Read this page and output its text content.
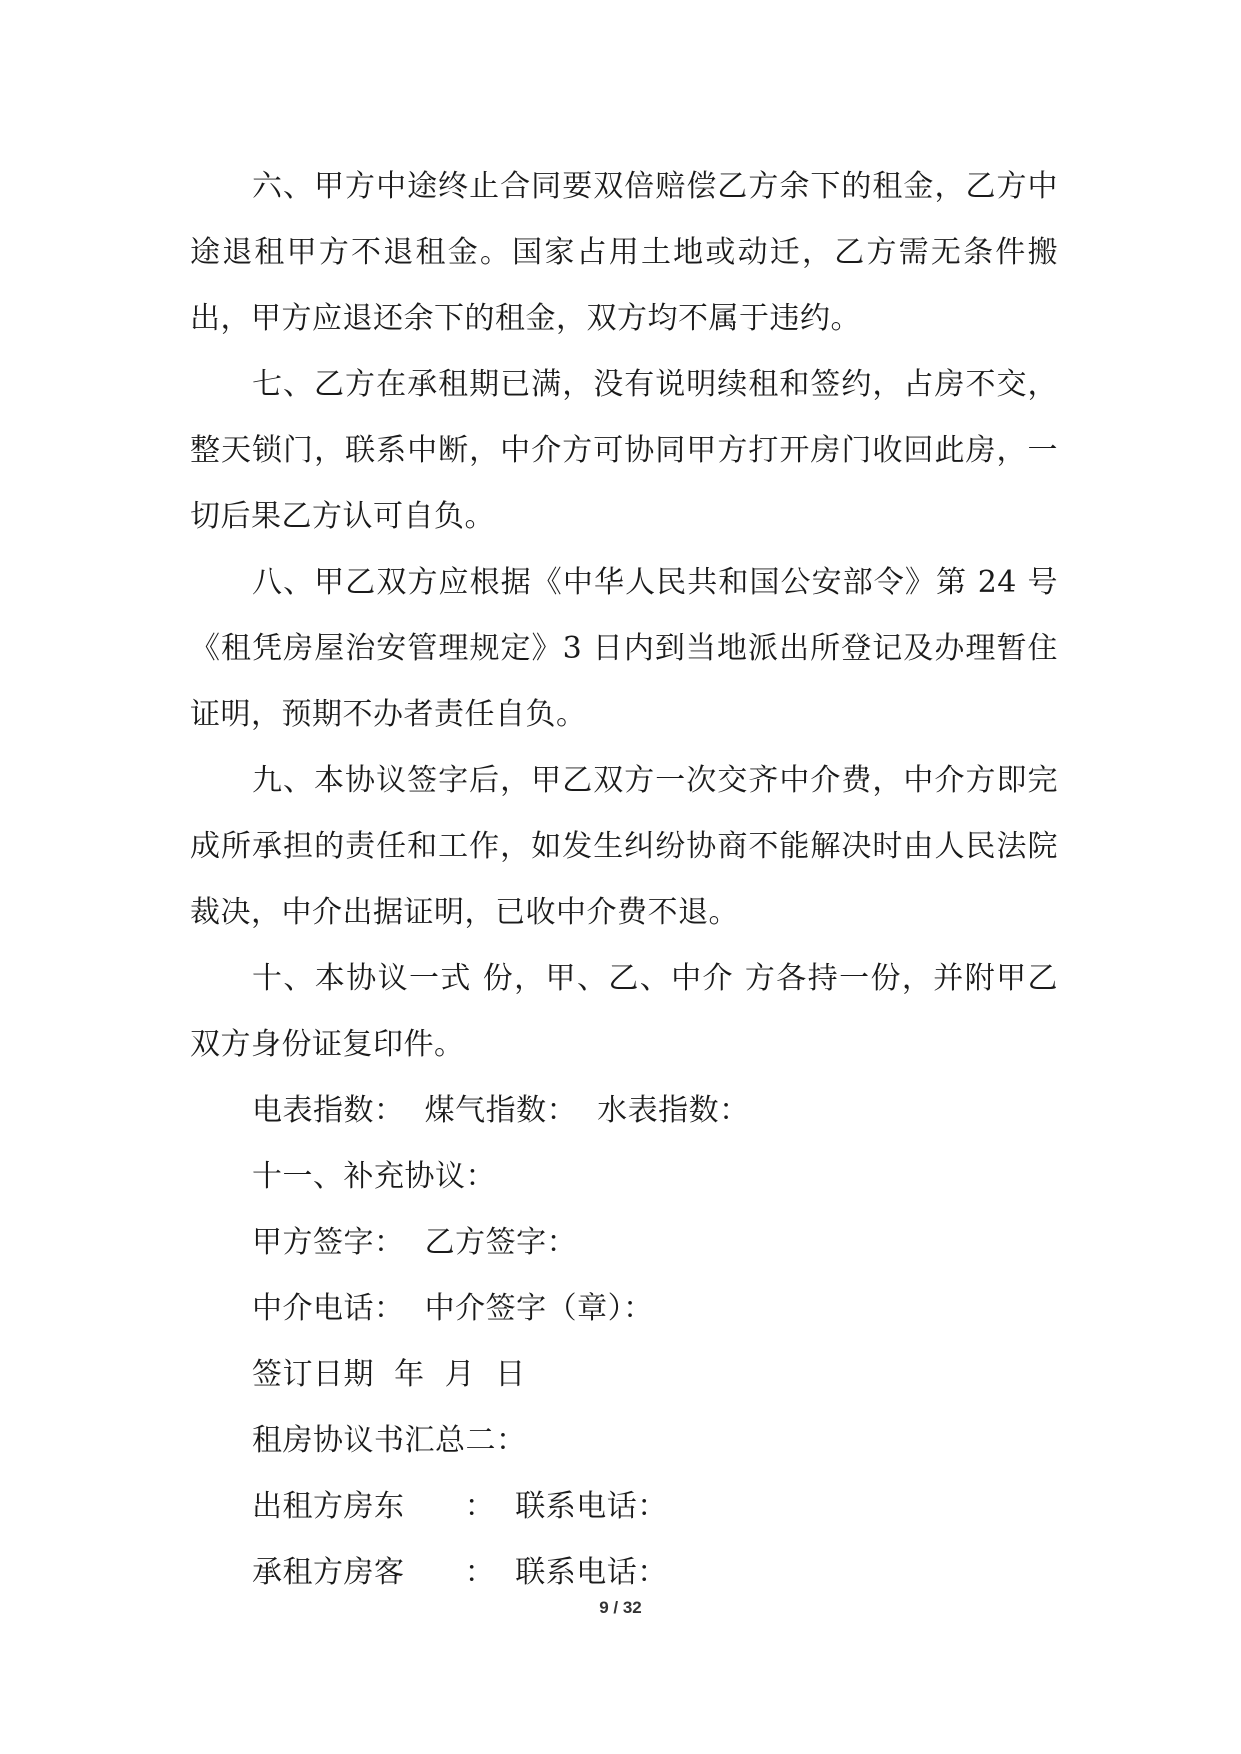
六、甲方中途终止合同要双倍赔偿乙方余下的租金，乙方中途退租甲方不退租金。国家占用土地或动迁，乙方需无条件搬出，甲方应退还余下的租金，双方均不属于违约。

七、乙方在承租期已满，没有说明续租和签约，占房不交，整天锁门，联系中断，中介方可协同甲方打开房门收回此房，一切后果乙方认可自负。

八、甲乙双方应根据《中华人民共和国公安部令》第 24 号《租凭房屋治安管理规定》3 日内到当地派出所登记及办理暂住证明，预期不办者责任自负。

九、本协议签字后，甲乙双方一次交齐中介费，中介方即完成所承担的责任和工作，如发生纠纷协商不能解决时由人民法院裁决，中介出据证明，已收中介费不退。

十、本协议一式 份，甲、乙、中介 方各持一份，并附甲乙双方身份证复印件。

电表指数：  煤气指数：  水表指数：

十一、补充协议：

甲方签字：  乙方签字：

中介电话：  中介签字（章）：

签订日期  年  月  日

租房协议书汇总二：

出租方房东      ：  联系电话：

承租方房客      ：  联系电话：

9 / 32
